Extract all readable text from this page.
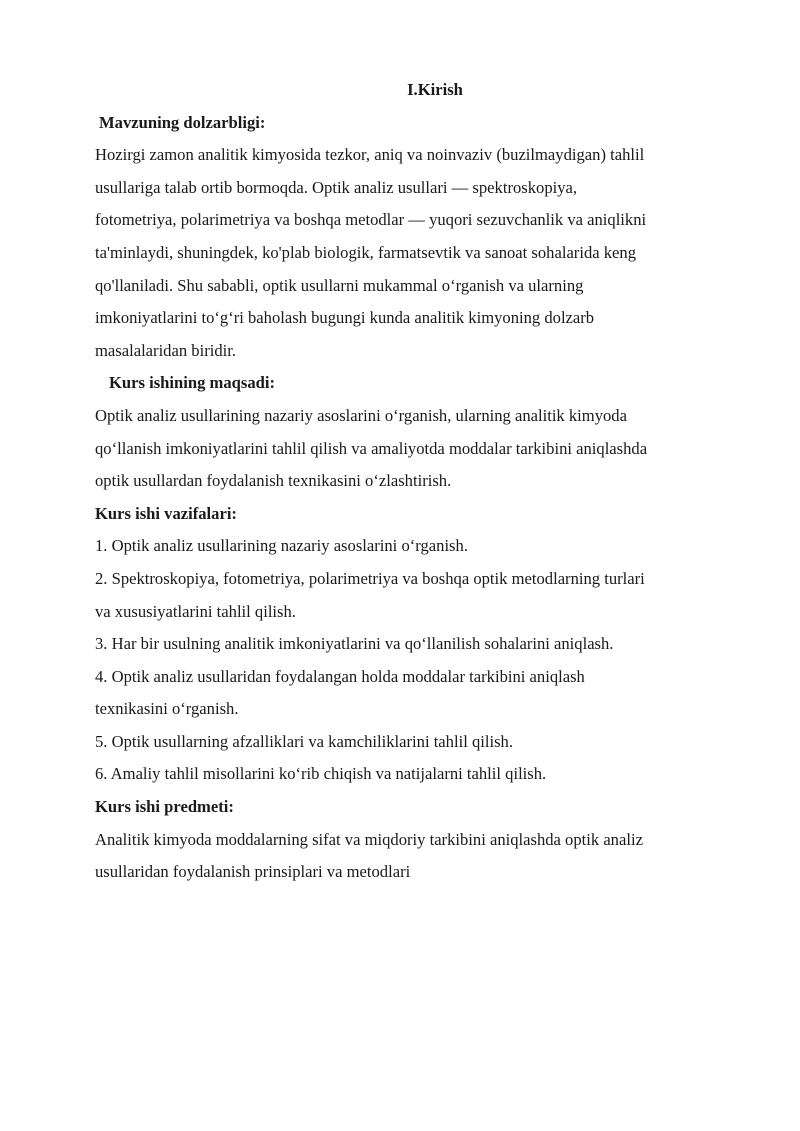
I.Kirish

Mavzuning dolzarbligi:

Hozirgi zamon analitik kimyosida tezkor, aniq va noinvaziv (buzilmaydigan) tahlil
usullariga talab ortib bormoqda. Optik analiz usullari — spektroskopiya,
fotometriya, polarimetriya va boshqa metodlar — yuqori sezuvchanlik va aniqlikni
ta'minlaydi, shuningdek, ko'plab biologik, farmatsevtik va sanoat sohalarida keng
qo'llaniladi. Shu sababli, optik usullarni mukammal o‘rganish va ularning
imkoniyatlarini to‘g‘ri baholash bugungi kunda analitik kimyoning dolzarb
masalalaridan biridir.

Kurs ishining maqsadi:

Optik analiz usullarining nazariy asoslarini o‘rganish, ularning analitik kimyoda
qo‘llanish imkoniyatlarini tahlil qilish va amaliyotda moddalar tarkibini aniqlashda
optik usullardan foydalanish texnikasini o‘zlashtirish.

Kurs ishi vazifalari:

1. Optik analiz usullarining nazariy asoslarini o‘rganish.
2. Spektroskopiya, fotometriya, polarimetriya va boshqa optik metodlarning turlari
va xususiyatlarini tahlil qilish.
3. Har bir usulning analitik imkoniyatlarini va qo‘llanilish sohalarini aniqlash.
4. Optik analiz usullaridan foydalangan holda moddalar tarkibini aniqlash
texnikasini o‘rganish.
5. Optik usullarning afzalliklari va kamchiliklarini tahlil qilish.
6. Amaliy tahlil misollarini ko‘rib chiqish va natijalarni tahlil qilish.

Kurs ishi predmeti:

Analitik kimyoda moddalarning sifat va miqdoriy tarkibini aniqlashda optik analiz
usullaridan foydalanish prinsiplari va metodlari
